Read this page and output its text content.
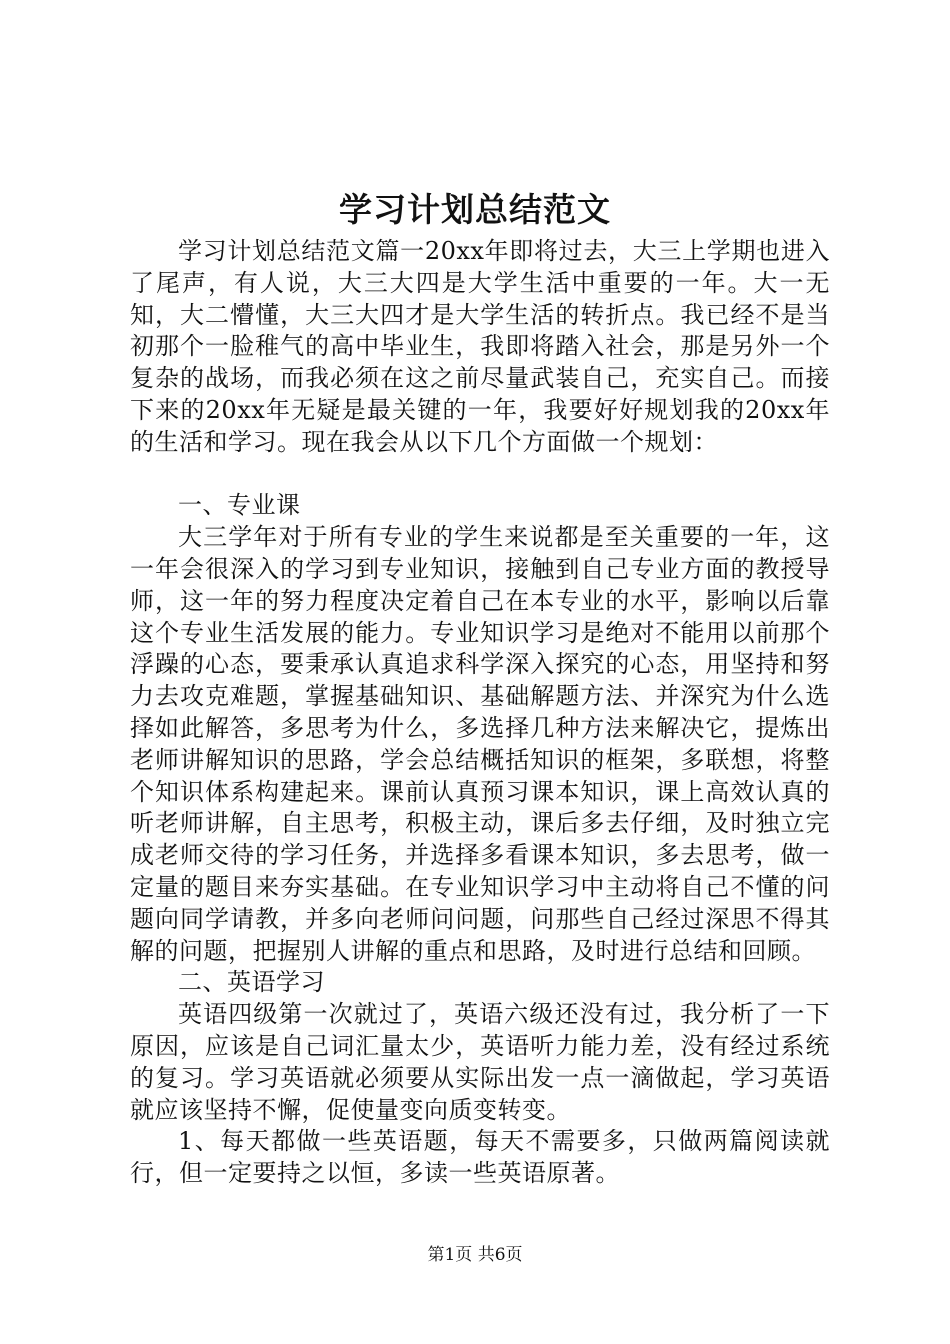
学习计划总结范文

学习计划总结范文篇一20xx年即将过去，大三上学期也进入了尾声，有人说，大三大四是大学生活中重要的一年。大一无知，大二懵懂，大三大四才是大学生活的转折点。我已经不是当初那个一脸稚气的高中毕业生，我即将踏入社会，那是另外一个复杂的战场，而我必须在这之前尽量武装自己，充实自己。而接下来的20xx年无疑是最关键的一年，我要好好规划我的20xx年的生活和学习。现在我会从以下几个方面做一个规划：

一、专业课

大三学年对于所有专业的学生来说都是至关重要的一年，这一年会很深入的学习到专业知识，接触到自己专业方面的教授导师，这一年的努力程度决定着自己在本专业的水平，影响以后靠这个专业生活发展的能力。专业知识学习是绝对不能用以前那个浮躁的心态，要秉承认真追求科学深入探究的心态，用坚持和努力去攻克难题，掌握基础知识、基础解题方法、并深究为什么选择如此解答，多思考为什么，多选择几种方法来解决它，提炼出老师讲解知识的思路，学会总结概括知识的框架，多联想，将整个知识体系构建起来。课前认真预习课本知识，课上高效认真的听老师讲解，自主思考，积极主动，课后多去仔细，及时独立完成老师交待的学习任务，并选择多看课本知识，多去思考，做一定量的题目来夯实基础。在专业知识学习中主动将自己不懂的问题向同学请教，并多向老师问问题，问那些自己经过深思不得其解的问题，把握别人讲解的重点和思路，及时进行总结和回顾。

二、英语学习

英语四级第一次就过了，英语六级还没有过，我分析了一下原因，应该是自己词汇量太少，英语听力能力差，没有经过系统的复习。学习英语就必须要从实际出发一点一滴做起，学习英语就应该坚持不懈，促使量变向质变转变。

1、每天都做一些英语题，每天不需要多，只做两篇阅读就行，但一定要持之以恒，多读一些英语原著。

第1页 共6页
